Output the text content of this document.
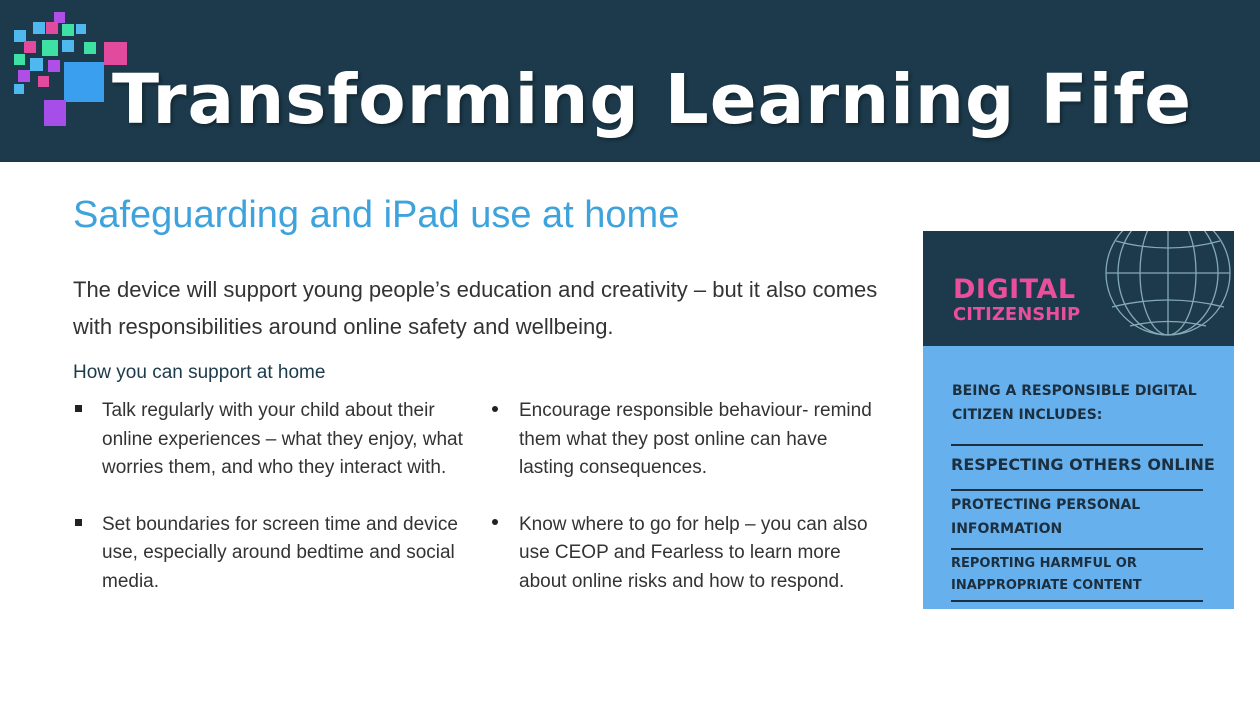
Transforming Learning Fife
Safeguarding and iPad use at home
The device will support young people’s education and creativity – but it also comes with responsibilities around online safety and wellbeing.
How you can support at home
Talk regularly with your child about their online experiences – what they enjoy, what worries them, and who they interact with.
Set boundaries for screen time and device use, especially around bedtime and social media.
Encourage responsible behaviour- remind them what they post online can have lasting consequences.
Know where to go for help – you can also use CEOP and Fearless to learn more about online risks and how to respond.
DIGITAL
CITIZENSHIP
BEING A RESPONSIBLE DIGITAL CITIZEN INCLUDES:
RESPECTING OTHERS ONLINE
PROTECTING PERSONAL INFORMATION
REPORTING HARMFUL OR INAPPROPRIATE CONTENT
